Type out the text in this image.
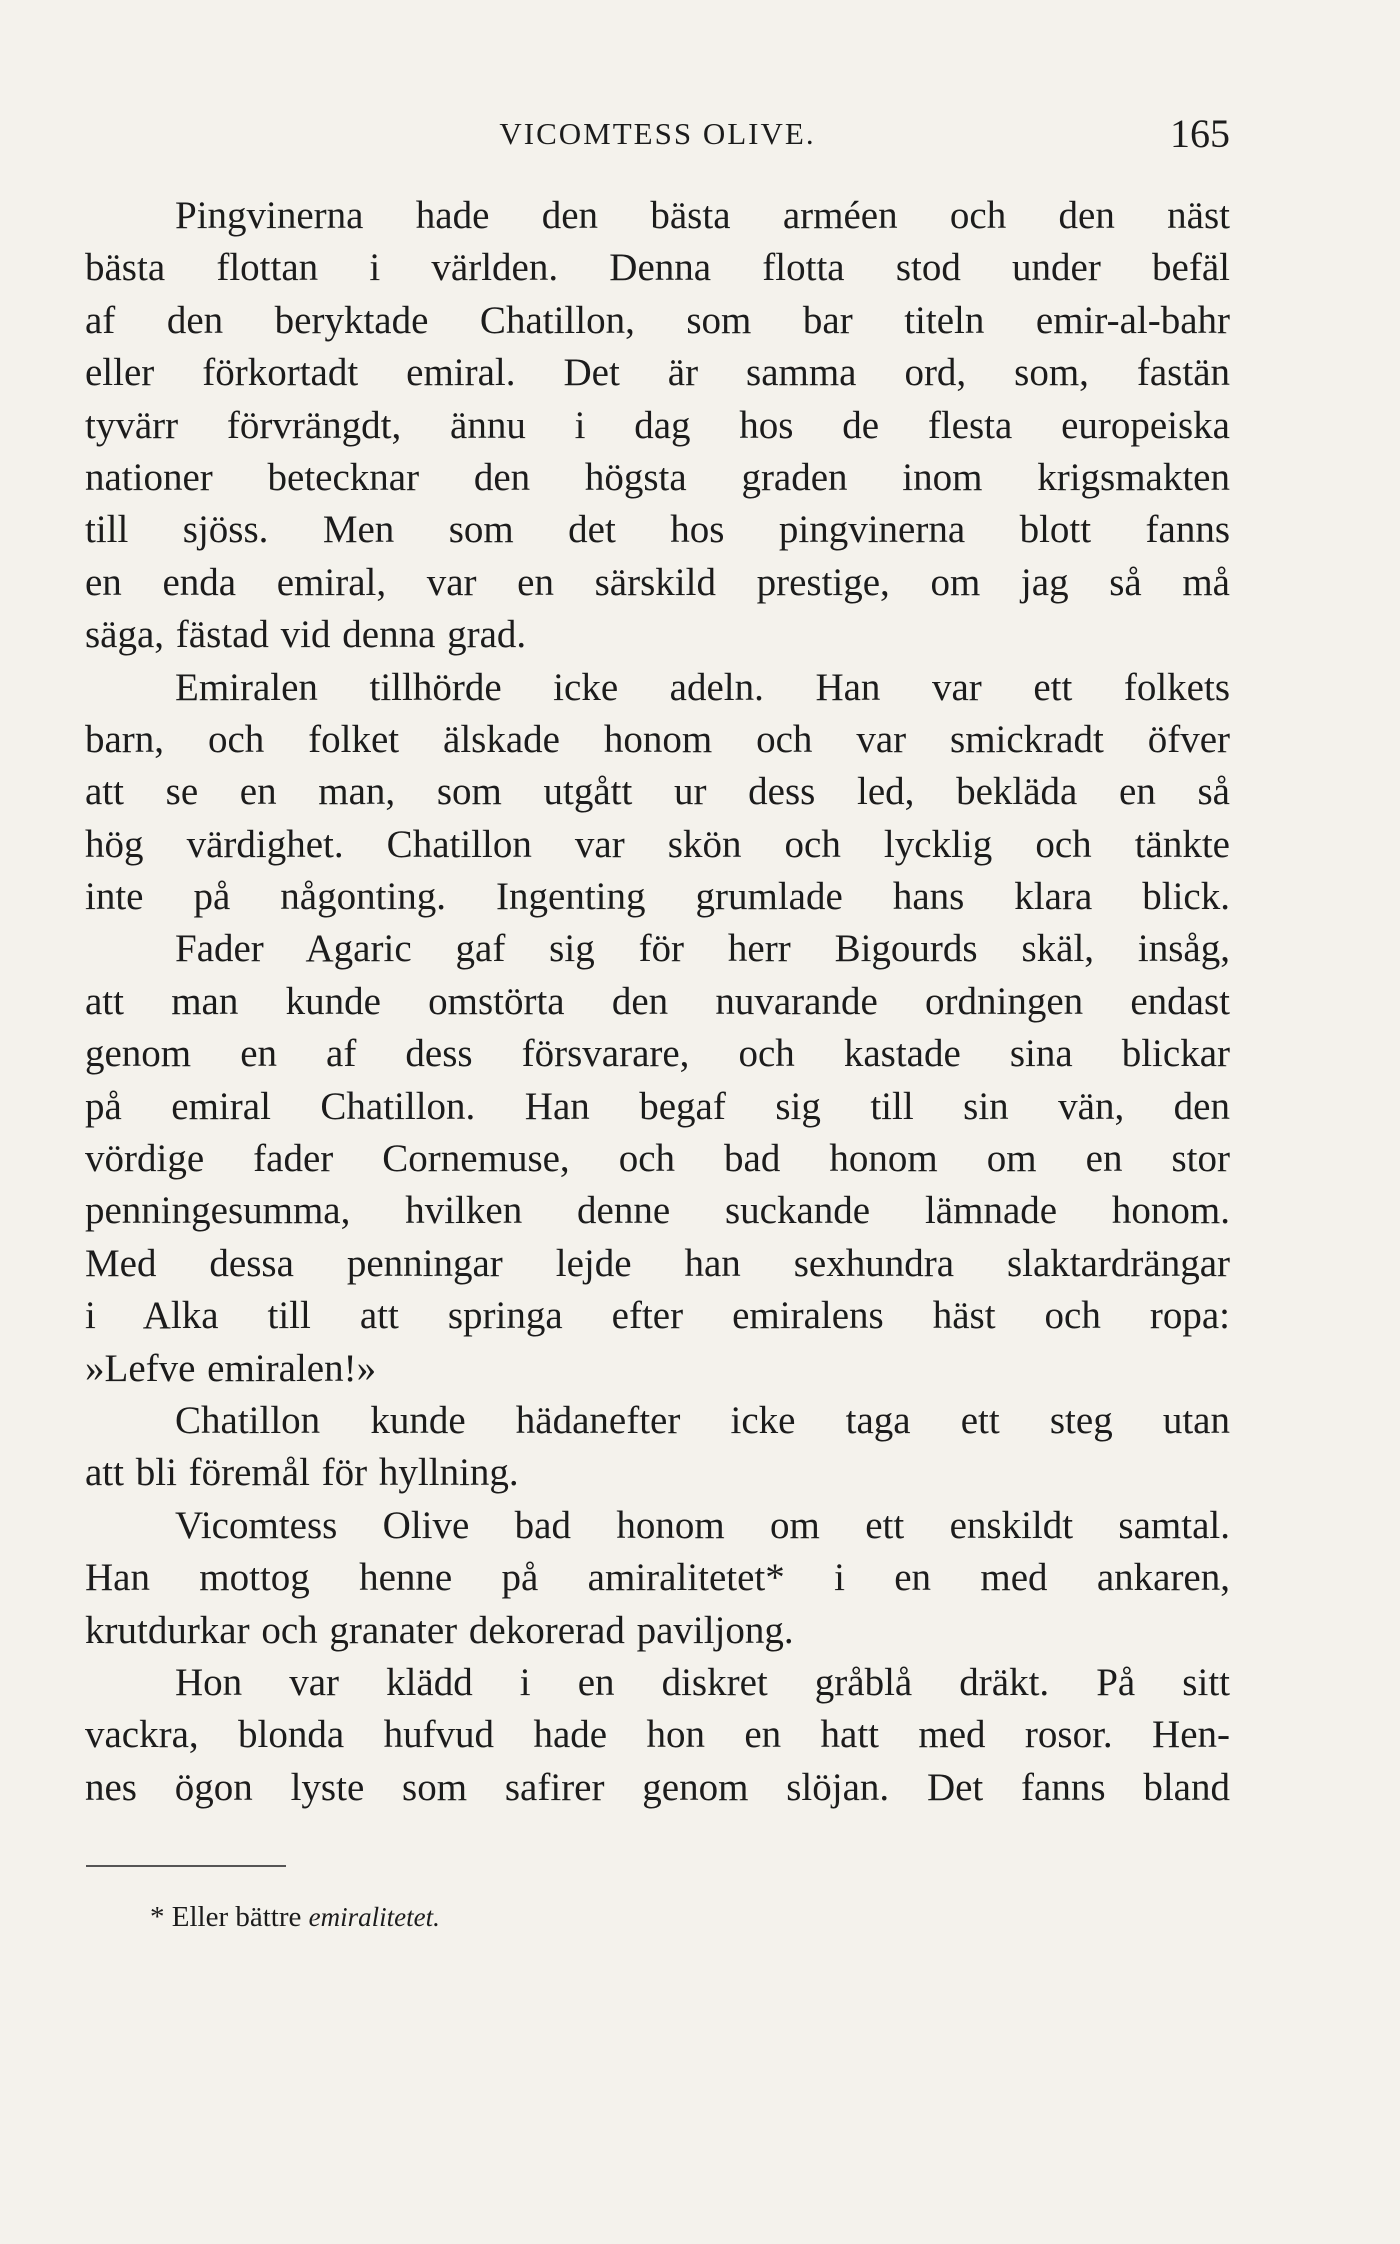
VICOMTESS OLIVE.	165
Pingvinerna hade den bästa arméen och den näst
bästa flottan i världen. Denna flotta stod under befäl
af den beryktade Chatillon, som bar titeln emir-al-bahr
eller förkortadt emiral. Det är samma ord, som, fastän
tyvärr förvrängdt, ännu i dag hos de flesta europeiska
nationer betecknar den högsta graden inom krigsmakten
till sjöss. Men som det hos pingvinerna blott fanns
en enda emiral, var en särskild prestige, om jag så må
säga, fästad vid denna grad.
Emiralen tillhörde icke adeln. Han var ett folkets
barn, och folket älskade honom och var smickradt öfver
att se en man, som utgått ur dess led, bekläda en så
hög värdighet. Chatillon var skön och lycklig och tänkte
inte på någonting. Ingenting grumlade hans klara blick.
Fader Agaric gaf sig för herr Bigourds skäl, insåg,
att man kunde omstörta den nuvarande ordningen endast
genom en af dess försvarare, och kastade sina blickar
på emiral Chatillon. Han begaf sig till sin vän, den
vördige fader Cornemuse, och bad honom om en stor
penningesumma, hvilken denne suckande lämnade honom.
Med dessa penningar lejde han sexhundra slaktardrängar
i Alka till att springa efter emiralens häst och ropa:
»Lefve emiralen!»
Chatillon kunde hädanefter icke taga ett steg utan
att bli föremål för hyllning.
Vicomtess Olive bad honom om ett enskildt samtal.
Han mottog henne på amiralitetet* i en med ankaren,
krutdurkar och granater dekorerad paviljong.
Hon var klädd i en diskret gråblå dräkt. På sitt
vackra, blonda hufvud hade hon en hatt med rosor. Hen-
nes ögon lyste som safirer genom slöjan. Det fanns bland
* Eller bättre emiralitetet.
